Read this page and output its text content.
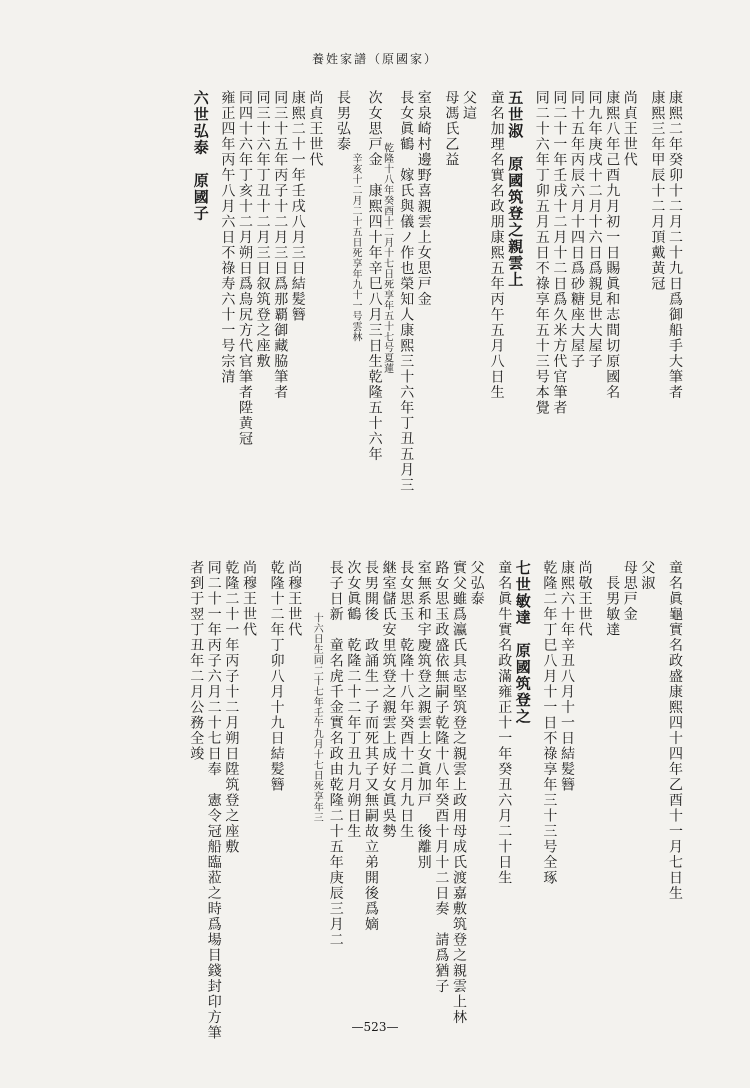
養姓家譜（原國家）
康熙二年癸卯十二月二十九日爲御船手大筆者
康熙三年甲辰十二月頂戴黃冠
尚貞王世代
康熙八年己酉九月初一日賜眞和志間切原國名
同九年庚戌十二月十六日爲親見世大屋子
同十五年丙辰六月十四日爲砂糖座大屋子
同二十一年壬戌十二月十二日爲久米方代官筆者
同二十六年丁卯五月五日不祿享年五十三号本覺
五世淑　原國筑登之親雲上
童名加理名實名政朋康熙五年丙午五月八日生
父這
母馮氏乙益
室泉崎村邊野喜親雲上女思戸金
長女眞鶴　嫁氏與儀ノ作也榮知人康熙三十六年丁丑五月三
　　　　　乾隆十八年癸酉十二月十七日死享年五十七号夏蓮
次女思戸金　康熙四十年辛巳八月三日生乾隆五十六年
　　　　　　辛亥十二月二十五日死享年九十一号雲林
長男弘泰
尚貞王世代
康熙二十一年壬戌八月三日結髪簪
同三十五年丙子十二月三日爲那覇御藏脇筆者
同三十六年丁丑十二月三日叙筑登之座敷
同四十六年丁亥十二月朔日爲鳥尻方代官筆者陞黄冠
雍正四年丙午八月六日不祿寿六十一号宗清
六世弘泰　原國子
童名眞龜實名政盛康熙四十四年乙酉十一月七日生
父淑
母思戸金
　長男敏達
尚敬王世代
康熙六十年辛丑八月十一日結髪簪
乾隆二年丁巳八月十一日不祿享年三十三号全琢
七世敏達　原國筑登之
童名眞牛實名政滿雍正十一年癸丑六月二十日生
父弘泰
實父雖爲瀛氏具志堅筑登之親雲上政用母成氏渡嘉敷筑登之親雲上林
路女思玉政盛依無嗣子乾隆十八年癸酉十月十二日奏　請爲猶子
室無系和宇慶筑登之親雲上女眞加戸　後離別
長女思玉　乾隆十八年癸酉十二月九日生
継室儲氏安里筑登之親雲上成好女眞吳勢
長男開後　政誦生一子而死其子又無嗣故立弟開後爲嫡
次女眞鶴　乾隆二十二年丁丑九月朔日生
長子日新　童名虎千金實名政由乾隆二十五年庚辰三月二
　　　　　十六日生同二十七年壬午九月十七日死享年三
尚穆王世代
乾隆十二年丁卯八月十九日結髪簪
尚穆王世代
乾隆二十一年丙子十二月朔日陞筑登之座敷
同二十一年丙子六月二十七日奉　憲令冠船臨蒞之時爲場目錢封印方筆
者到于翌丁丑年二月公務全竣
—523—
